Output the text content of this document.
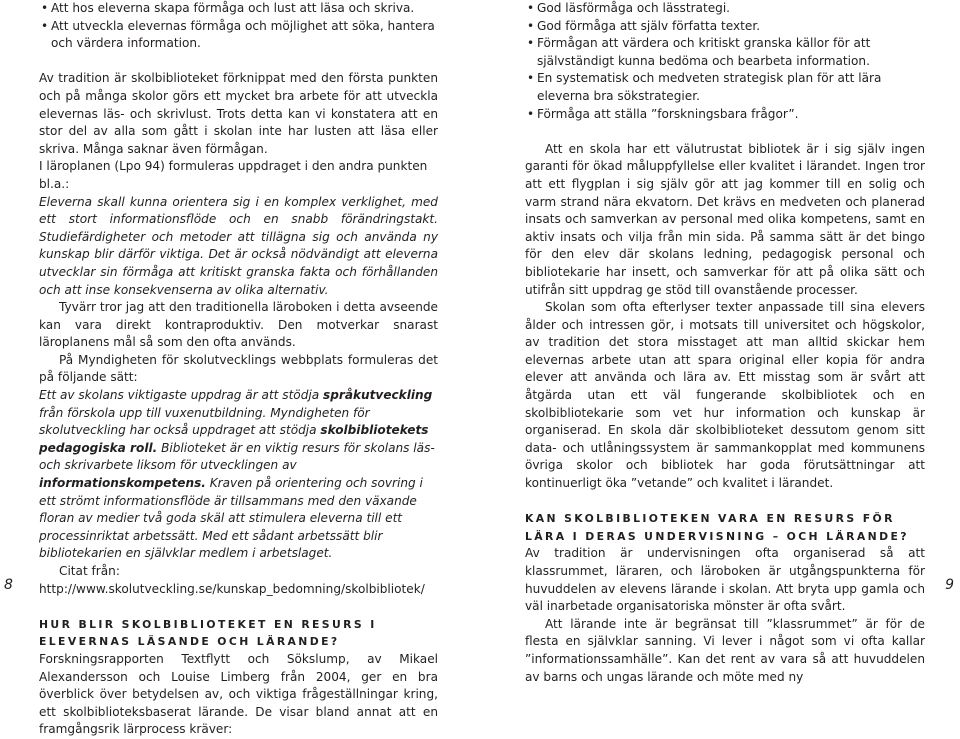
• Att hos eleverna skapa förmåga och lust att läsa och skriva.
• Att utveckla elevernas förmåga och möjlighet att söka, hantera och värdera information.

Av tradition är skolbiblioteket förknippat med den första punkten och på många skolor görs ett mycket bra arbete för att utveckla elevernas läs- och skrivlust. Trots detta kan vi konstatera att en stor del av alla som gått i skolan inte har lusten att läsa eller skriva. Många saknar även förmågan.

I läroplanen (Lpo 94) formuleras uppdraget i den andra punkten bl.a.:

Eleverna skall kunna orientera sig i en komplex verklighet, med ett stort informationsflöde och en snabb förändringstakt. Studiefärdigheter och metoder att tillägna sig och använda ny kunskap blir därför viktiga. Det är också nödvändigt att eleverna utvecklar sin förmåga att kritiskt granska fakta och förhållanden och att inse konsekvenserna av olika alternativ.

Tyvärr tror jag att den traditionella läroboken i detta avseende kan vara direkt kontraproduktiv. Den motverkar snarast läroplanens mål så som den ofta används.

På Myndigheten för skolutvecklings webbplats formuleras det på följande sätt:

Ett av skolans viktigaste uppdrag är att stödja språkutveckling från förskola upp till vuxenutbildning. Myndigheten för skolutveckling har också uppdraget att stödja skolbibliotekets pedagogiska roll. Biblioteket är en viktig resurs för skolans läs- och skrivarbete liksom för utvecklingen av informationskompetens. Kraven på orientering och sovring i ett strömt informationsflöde är tillsammans med den växande floran av medier två goda skäl att stimulera eleverna till ett processinriktat arbetssätt. Med ett sådant arbetssätt blir bibliotekarien en självklar medlem i arbetslaget.

Citat från: http://www.skolutveckling.se/kunskap_bedomning/skolbibliotek/

HUR BLIR SKOLBIBLIOTEKET EN RESURS I ELEVERNAS LÄSANDE OCH LÄRANDE?

Forskningsrapporten Textflytt och Sökslump, av Mikael Alexandersson och Louise Limberg från 2004, ger en bra överblick över betydelsen av, och viktiga frågeställningar kring, ett skolbiblioteksbaserat lärande. De visar bland annat att en framgångsrik lärprocess kräver:

• God läsförmåga och lässtrategi.
• God förmåga att själv författa texter.
• Förmågan att värdera och kritiskt granska källor för att självständigt kunna bedöma och bearbeta information.
• En systematisk och medveten strategisk plan för att lära eleverna bra sökstrategier.
• Förmåga att ställa ”forskningsbara frågor”.

Att en skola har ett välutrustat bibliotek är i sig själv ingen garanti för ökad måluppfyllelse eller kvalitet i lärandet. Ingen tror att ett flygplan i sig själv gör att jag kommer till en solig och varm strand nära ekvatorn. Det krävs en medveten och planerad insats och samverkan av personal med olika kompetens, samt en aktiv insats och vilja från min sida. På samma sätt är det bingo för den elev där skolans ledning, pedagogisk personal och bibliotekarie har insett, och samverkar för att på olika sätt och utifrån sitt uppdrag ge stöd till ovanstående processer.

Skolan som ofta efterlyser texter anpassade till sina elevers ålder och intressen gör, i motsats till universitet och högskolor, av tradition det stora misstaget att man alltid skickar hem elevernas arbete utan att spara original eller kopia för andra elever att använda och lära av. Ett misstag som är svårt att åtgärda utan ett väl fungerande skolbibliotek och en skolbibliotekarie som vet hur information och kunskap är organiserad. En skola där skolbiblioteket dessutom genom sitt data- och utlåningssystem är sammankopplat med kommunens övriga skolor och bibliotek har goda förutsättningar att kontinuerligt öka ”vetande” och kvalitet i lärandet.

KAN SKOLBIBLIOTEKEN VARA EN RESURS FÖR LÄRA I DERAS UNDERVISNING – OCH LÄRANDE?

Av tradition är undervisningen ofta organiserad så att klassrummet, läraren, och läroboken är utgångspunkterna för huvuddelen av elevens lärande i skolan. Att bryta upp gamla och väl inarbetade organisatoriska mönster är ofta svårt.

Att lärande inte är begränsat till ”klassrummet” är för de flesta en självklar sanning. Vi lever i något som vi ofta kallar ”informationssamhälle”. Kan det rent av vara så att huvuddelen av barns och ungas lärande och möte med ny

8	9
